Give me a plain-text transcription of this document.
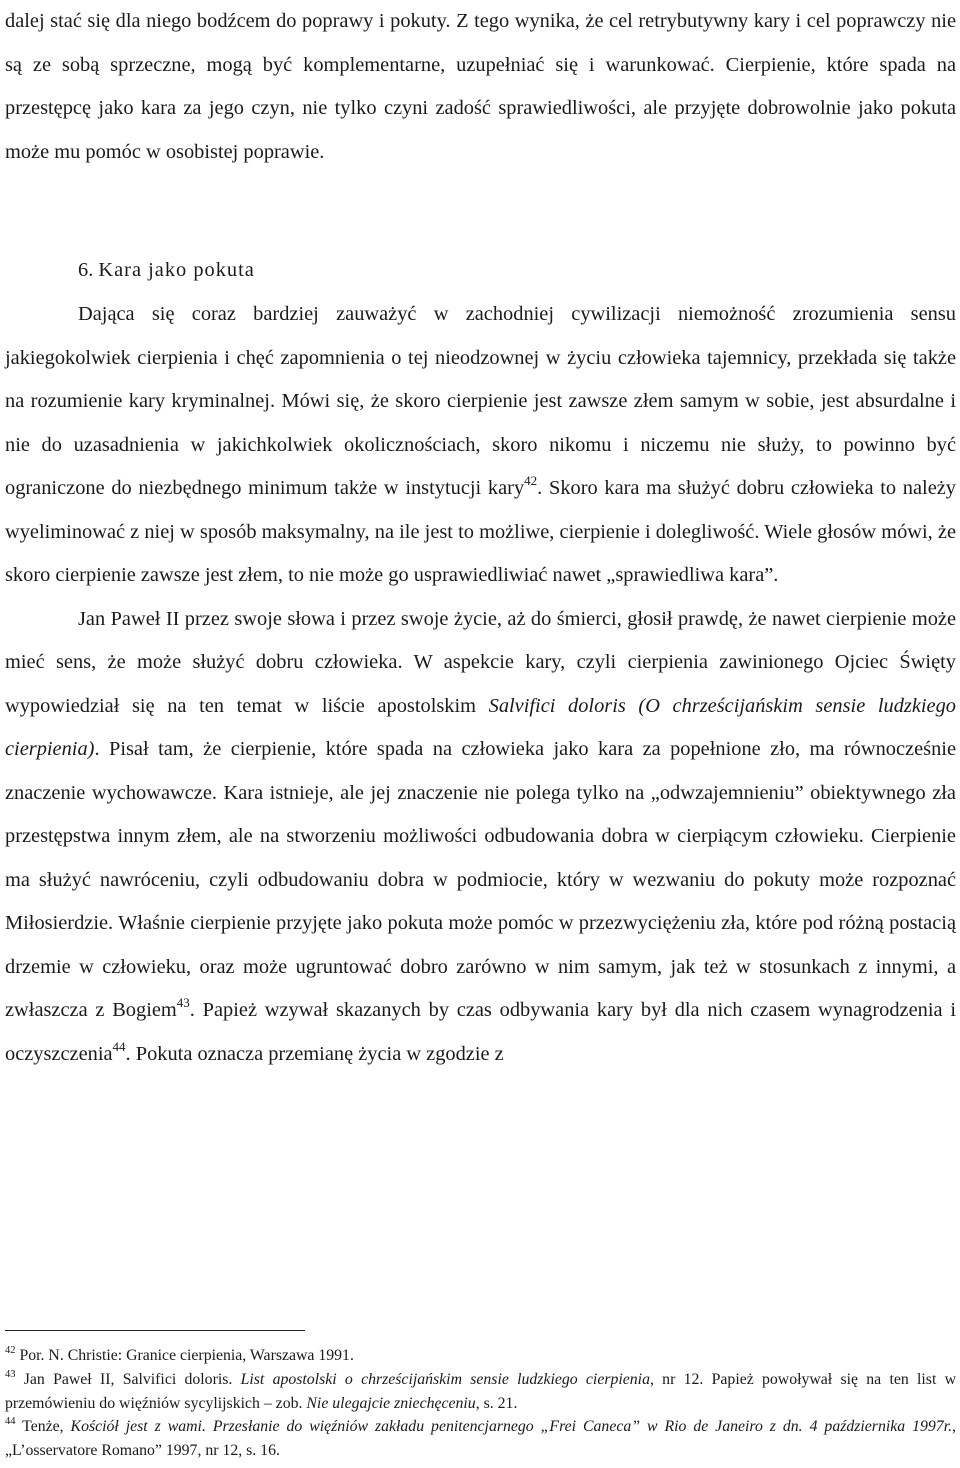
dalej stać się dla niego bodźcem do poprawy i pokuty. Z tego wynika, że cel retrybutywny kary i cel poprawczy nie są ze sobą sprzeczne, mogą być komplementarne, uzupełniać się i warunkować. Cierpienie, które spada na przestępcę jako kara za jego czyn, nie tylko czyni zadość sprawiedliwości, ale przyjęte dobrowolnie jako pokuta może mu pomóc w osobistej poprawie.

6. Kara jako pokuta

Dająca się coraz bardziej zauważyć w zachodniej cywilizacji niemożność zrozumienia sensu jakiegokolwiek cierpienia i chęć zapomnienia o tej nieodzownej w życiu człowieka tajemnicy, przekłada się także na rozumienie kary kryminalnej. Mówi się, że skoro cierpienie jest zawsze złem samym w sobie, jest absurdalne i nie do uzasadnienia w jakichkolwiek okolicznościach, skoro nikomu i niczemu nie służy, to powinno być ograniczone do niezbędnego minimum także w instytucji kary$^{42}$. Skoro kara ma służyć dobru człowieka to należy wyeliminować z niej w sposób maksymalny, na ile jest to możliwe, cierpienie i dolegliwość. Wiele głosów mówi, że skoro cierpienie zawsze jest złem, to nie może go usprawiedliwiać nawet „sprawiedliwa kara”.

Jan Paweł II przez swoje słowa i przez swoje życie, aż do śmierci, głosił prawdę, że nawet cierpienie może mieć sens, że może służyć dobru człowieka. W aspekcie kary, czyli cierpienia zawinionego Ojciec Święty wypowiedział się na ten temat w liście apostolskim Salvifici doloris (O chrześcijańskim sensie ludzkiego cierpienia). Pisał tam, że cierpienie, które spada na człowieka jako kara za popełnione zło, ma równocześnie znaczenie wychowawcze. Kara istnieje, ale jej znaczenie nie polega tylko na „odwzajemnieniu” obiektywnego zła przestępstwa innym złem, ale na stworzeniu możliwości odbudowania dobra w cierpiącym człowieku. Cierpienie ma służyć nawróceniu, czyli odbudowaniu dobra w podmiocie, który w wezwaniu do pokuty może rozpoznać Miłosierdzie. Właśnie cierpienie przyjęte jako pokuta może pomóc w przezwyciężeniu zła, które pod różną postacią drzemie w człowieku, oraz może ugruntować dobro zarówno w nim samym, jak też w stosunkach z innymi, a zwłaszcza z Bogiem$^{43}$. Papież wzywał skazanych by czas odbywania kary był dla nich czasem wynagrodzenia i oczyszczenia$^{44}$. Pokuta oznacza przemianę życia w zgodzie z

$^{42}$ Por. N. Christie: Granice cierpienia, Warszawa 1991.

$^{43}$ Jan Paweł II, Salvifici doloris. List apostolski o chrześcijańskim sensie ludzkiego cierpienia, nr 12. Papież powoływał się na ten list w przemówieniu do więźniów sycylijskich – zob. Nie ulegajcie zniechęceniu, s. 21.

$^{44}$ Tenże, Kościół jest z wami. Przesłanie do więźniów zakładu penitencjarnego „Frei Caneca” w Rio de Janeiro z dn. 4 października 1997r., „L’osservatore Romano” 1997, nr 12, s. 16.
